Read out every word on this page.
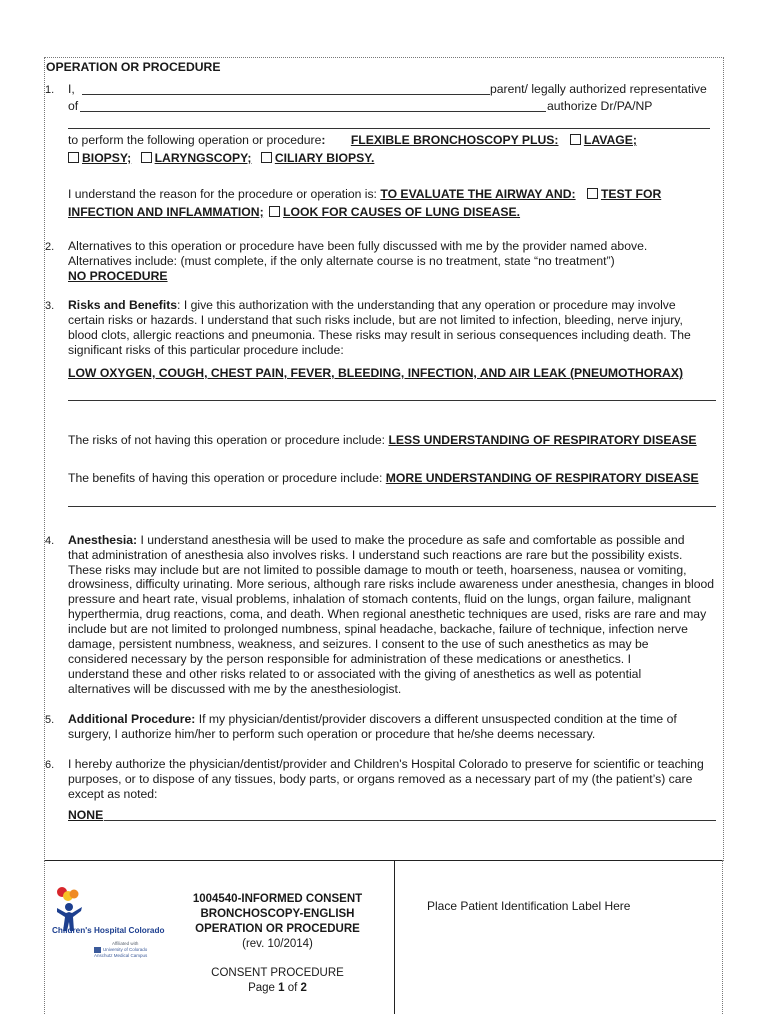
OPERATION OR PROCEDURE
1. I,	parent/ legally authorized representative
of	authorize Dr/PA/NP
to perform the following operation or procedure: FLEXIBLE BRONCHOSCOPY PLUS: LAVAGE;
BIOPSY; LARYNGSCOPY; CILIARY BIOPSY.
I understand the reason for the procedure or operation is: TO EVALUATE THE AIRWAY AND: TEST FOR
INFECTION AND INFLAMMATION; LOOK FOR CAUSES OF LUNG DISEASE.
2. Alternatives to this operation or procedure have been fully discussed with me by the provider named above.
Alternatives include: (must complete, if the only alternate course is no treatment, state “no treatment”)
NO PROCEDURE
3. Risks and Benefits: I give this authorization with the understanding that any operation or procedure may involve
certain risks or hazards. I understand that such risks include, but are not limited to infection, bleeding, nerve injury,
blood clots, allergic reactions and pneumonia. These risks may result in serious consequences including death. The
significant risks of this particular procedure include:
LOW OXYGEN, COUGH, CHEST PAIN, FEVER, BLEEDING, INFECTION, AND AIR LEAK (PNEUMOTHORAX)
The risks of not having this operation or procedure include: LESS UNDERSTANDING OF RESPIRATORY DISEASE
The benefits of having this operation or procedure include: MORE UNDERSTANDING OF RESPIRATORY DISEASE
4. Anesthesia: I understand anesthesia will be used to make the procedure as safe and comfortable as possible and
that administration of anesthesia also involves risks. I understand such reactions are rare but the possibility exists.
These risks may include but are not limited to possible damage to mouth or teeth, hoarseness, nausea or vomiting,
drowsiness, difficulty urinating. More serious, although rare risks include awareness under anesthesia, changes in blood
pressure and heart rate, visual problems, inhalation of stomach contents, fluid on the lungs, organ failure, malignant
hyperthermia, drug reactions, coma, and death. When regional anesthetic techniques are used, risks are rare and may
include but are not limited to prolonged numbness, spinal headache, backache, failure of technique, infection nerve
damage, persistent numbness, weakness, and seizures. I consent to the use of such anesthetics as may be
considered necessary by the person responsible for administration of these medications or anesthetics. I
understand these and other risks related to or associated with the giving of anesthetics as well as potential
alternatives will be discussed with me by the anesthesiologist.
5. Additional Procedure: If my physician/dentist/provider discovers a different unsuspected condition at the time of
surgery, I authorize him/her to perform such operation or procedure that he/she deems necessary.
6. I hereby authorize the physician/dentist/provider and Children's Hospital Colorado to preserve for scientific or teaching
purposes, or to dispose of any tissues, body parts, or organs removed as a necessary part of my (the patient’s) care
except as noted:
NONE
Children's Hospital Colorado
Affiliated with
University of Colorado Anschutz Medical Campus
1004540-INFORMED CONSENT
BRONCHOSCOPY-ENGLISH
OPERATION OR PROCEDURE
(rev. 10/2014)
CONSENT PROCEDURE
Page 1 of 2
Place Patient Identification Label Here
